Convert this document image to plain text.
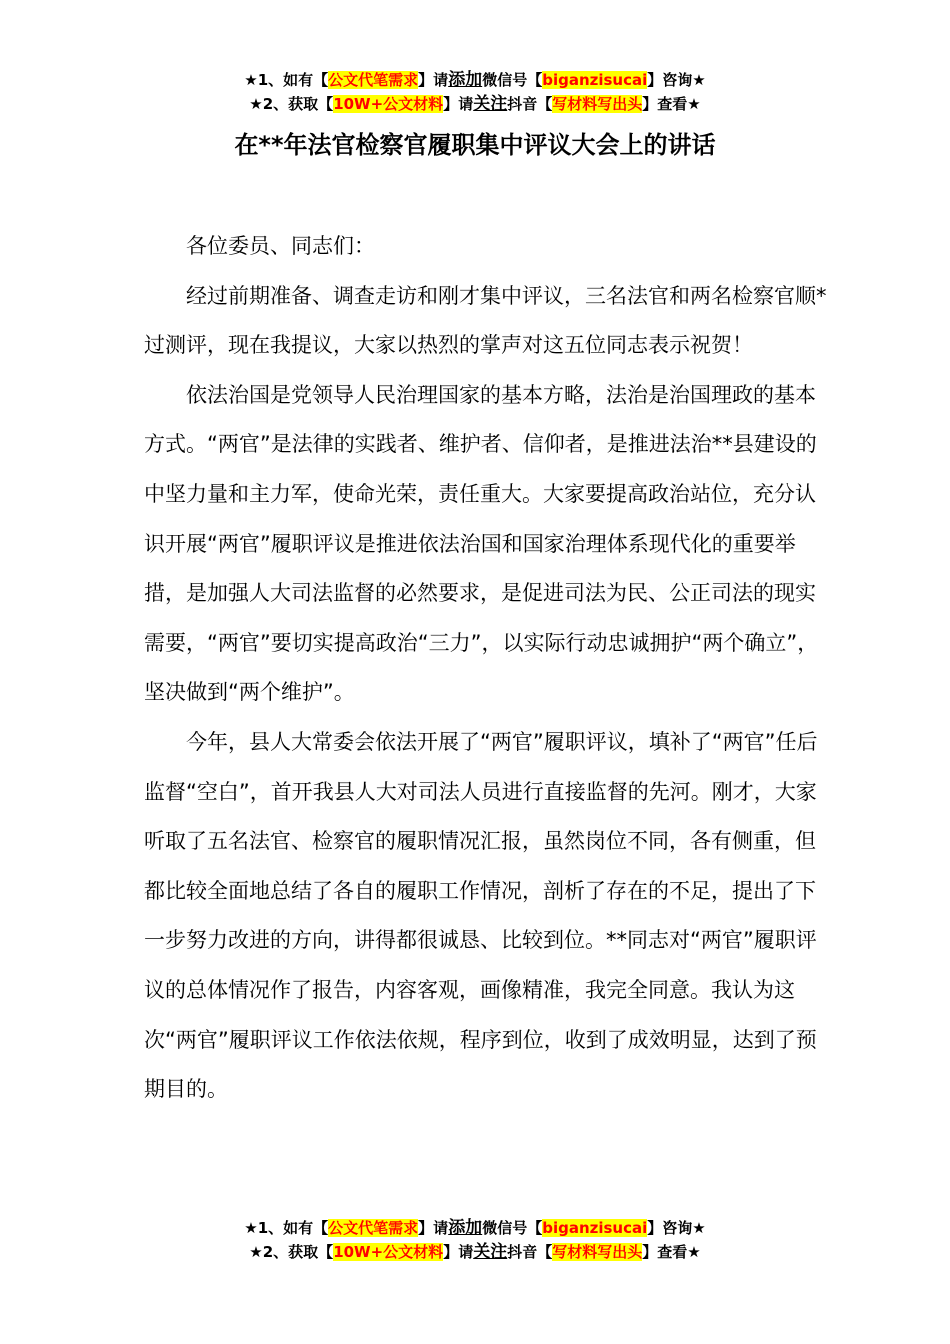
★1、如有【公文代笔需求】请添加微信号【biganzisucai】咨询★
★2、获取【10W+公文材料】请关注抖音【写材料写出头】查看★
在**年法官检察官履职集中评议大会上的讲话

各位委员、同志们：

经过前期准备、调查走访和刚才集中评议，三名法官和两名检察官顺*过测评，现在我提议，大家以热烈的掌声对这五位同志表示祝贺！

依法治国是党领导人民治理国家的基本方略，法治是治国理政的基本方式。“两官”是法律的实践者、维护者、信仰者，是推进法治**县建设的中坚力量和主力军，使命光荣，责任重大。大家要提高政治站位，充分认识开展“两官”履职评议是推进依法治国和国家治理体系现代化的重要举措，是加强人大司法监督的必然要求，是促进司法为民、公正司法的现实需要，“两官”要切实提高政治“三力”，以实际行动忠诚拥护“两个确立”，坚决做到“两个维护”。

今年，县人大常委会依法开展了“两官”履职评议，填补了“两官”任后监督“空白”，首开我县人大对司法人员进行直接监督的先河。刚才，大家听取了五名法官、检察官的履职情况汇报，虽然岗位不同，各有侧重，但都比较全面地总结了各自的履职工作情况，剖析了存在的不足，提出了下一步努力改进的方向，讲得都很诚恳、比较到位。**同志对“两官”履职评议的总体情况作了报告，内容客观，画像精准，我完全同意。我认为这次“两官”履职评议工作依法依规，程序到位，收到了成效明显，达到了预期目的。

★1、如有【公文代笔需求】请添加微信号【biganzisucai】咨询★
★2、获取【10W+公文材料】请关注抖音【写材料写出头】查看★
